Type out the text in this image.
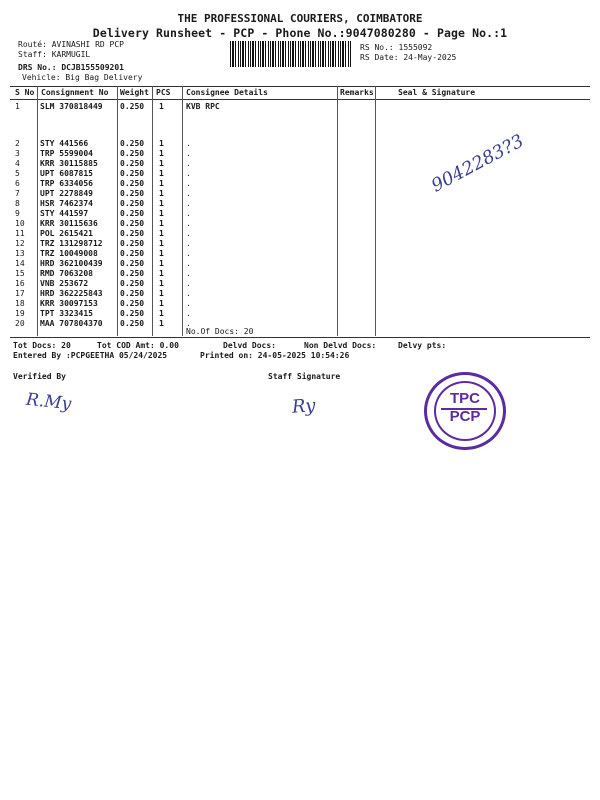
THE PROFESSIONAL COURIERS, COIMBATORE
Delivery Runsheet - PCP - Phone No.:9047080280 - Page No.:1
Routé: AVINASHI RD PCP
Staff: KARMUGIL
DRS No.: DCJB155509201
Vehicle: Big Bag Delivery
RS No.: 1555092
RS Date: 24-May-2025
S No Consignment No Weight PCS Consignee Details	Remarks	Seal & Signature
1	SLM 370818449 0.250 1	KVB RPC
2	STY 441566	0.250 1	.
3	TRP 5599004	0.250 1	.
4	KRR 30115885	0.250 1	.
5	UPT 6087815	0.250 1	.
6	TRP 6334056	0.250 1	.
7	UPT 2278849	0.250 1	.
8	HSR 7462374	0.250 1	.
9	STY 441597	0.250 1	.
10 KRR 30115636	0.250 1	.
11 POL 2615421	0.250 1	.
12 TRZ 131298712 0.250 1	.
13 TRZ 10049008	0.250 1	.
14 HRD 362100439 0.250 1	.
15 RMD 7063208	0.250 1	.
16 VNB 253672	0.250 1	.
17 HRD 362225843 0.250 1	.
18 KRR 30097153	0.250 1	.
19 TPT 3323415	0.250 1	.
20 MAA 707804370 0.250 1	.
No.Of Docs: 20
Tot Docs: 20	Tot COD Amt: 0.00	Delvd Docs:	Non Delvd Docs:	Delvy pts:
Entered By :PCPGEETHA 05/24/2025	Printed on: 24-05-2025 10:54:26
Verified By	Staff Signature
9042283?3
R.My	Ry	TPC
PCP
